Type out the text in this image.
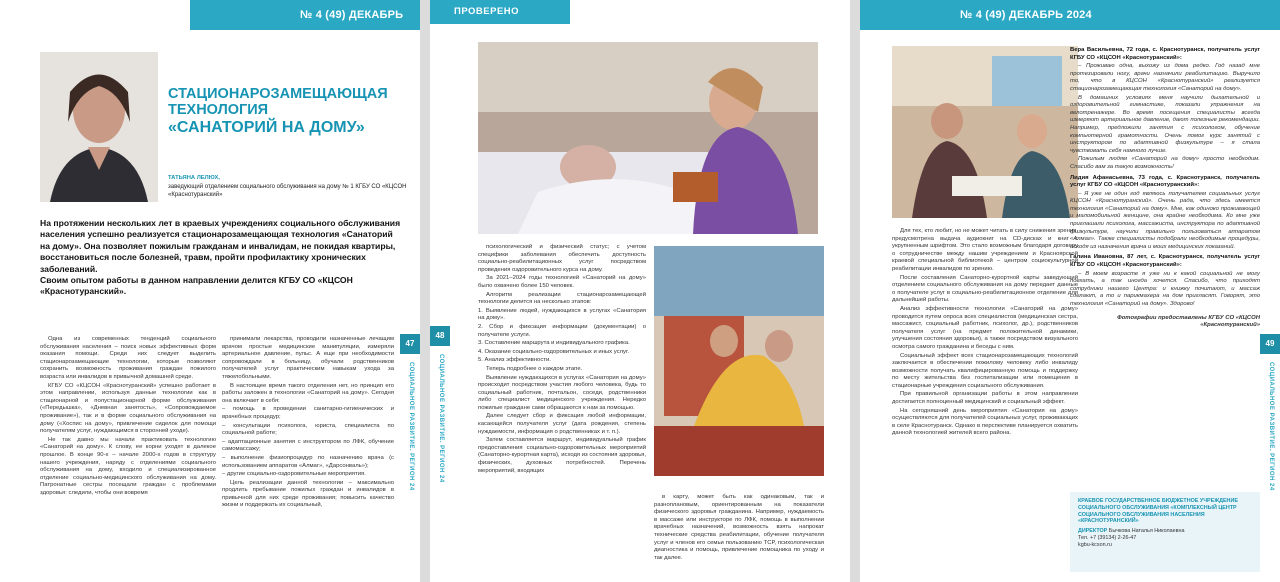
№ 4 (49) ДЕКАБРЬ 2024
СТАЦИОНАРОЗАМЕЩАЮЩАЯ
ТЕХНОЛОГИЯ
«САНАТОРИЙ НА ДОМУ»
ТАТЬЯНА ЛЕЛЮХ,
заведующий отделением социального обслуживания на дому № 1 КГБУ СО «КЦСОН «Краснотуранский»

На протяжении нескольких лет в краевых учреждениях социального обслуживания населения успешно реализуется стационарозамещающая технология «Санаторий на дому». Она позволяет пожилым гражданам и инвалидам, не покидая квартиры, восстановиться после болезней, травм, пройти профилактику хронических заболеваний.
Своим опытом работы в данном направлении делится КГБУ СО «КЦСОН «Краснотуранский».

Одна из современных тенденций социального обслуживания населения – поиск новых эффективных форм оказания помощи. Среди них следует выделить стационарозамещающие технологии, которые позволяют сохранить возможность проживания граждан пожилого возраста или инвалидов в привычной домашней среде.

КГБУ СО «КЦСОН «Краснотуранский» успешно работает в этом направлении, используя данные технологии как в стационарной и полустационарной форме обслуживания («Передышка», «Дневная занятость», «Сопровождаемое проживание»), так и в форме социального обслуживания на дому («Хоспис на дому», привлечение сиделок для помощи получателям услуг, нуждающимся в сторонней уходе).

Не так давно мы начали практиковать технологию «Санаторий на дому». К слову, ее корни уходят в далекое прошлое. В конце 90-х – начале 2000-х годов в структуру нашего учреждения, наряду с отделениями социального обслуживания на дому, входило и специализированное отделение социально-медицинского обслуживания на дому. Патронатные сестры посещали граждан с проблемами здоровья: следили, чтобы они вовремя

принимали лекарства, проводили назначенные лечащим врачом простые медицинские манипуляции, измеряли артериальное давление, пульс. А еще при необходимости сопровождали в больницу, обучали родственников получателей услуг практическим навыкам ухода за тяжелобольными.

В настоящее время такого отделения нет, но принцип его работы заложен в технологии «Санаторий на дому». Сегодня она включает в себя:

– помощь в проведении санитарно-гигиенических и врачебных процедур;

– консультации психолога, юриста, специалиста по социальной работе;

– адаптационные занятия с инструктором по ЛФК, обучение самомассажу;

– выполнение физиопроцедур по назначению врача (с использованием аппаратов «Алмаг», «Дарсонваль»);

– другие социально-оздоровительные мероприятия.

Цель реализации данной технологии – максимально продлить пребывание пожилых граждан и инвалидов в привычной для них среде проживания; повысить качество жизни и поддержать их социальный,

47
СОЦИАЛЬНОЕ РАЗВИТИЕ. РЕГИОН 24
ПРОВЕРЕНО ПРАКТИКОЙ

психологический и физический статус; с учетом специфики заболевания обеспечить доступность социально-реабилитационных услуг посредством проведения оздоровительного курса на дому.

За 2021–2024 годы технологией «Санаторий на дому» было охвачено более 150 человек.

Алгоритм реализации стационарозамещающей технологии делится на несколько этапов:

1. Выявление людей, нуждающихся в услугах «Санатория на дому».

2. Сбор и фиксация информации (документации) о получателе услуги.

3. Составление маршрута и индивидуального графика.

4. Оказание социально-оздоровительных и иных услуг.

5. Анализ эффективности.

Теперь подробнее о каждом этапе.

Выявление нуждающихся в услугах «Санатория на дому» происходит посредством участия любого человека, будь то социальный работник, почтальон, соседи, родственники либо специалист медицинского учреждения. Нередко пожилые граждане сами обращаются к нам за помощью.

Далее следует сбор и фиксация любой информации, касающейся получателя услуг (дата рождения, степень нуждаемости, информация о родственниках и т. п.).

Затем составляется маршрут, индивидуальный график предоставления социально-оздоровительных мероприятий (Санаторно-курортная карта), исходя из состояния здоровья, физических, духовных потребностей. Перечень мероприятий, входящих

в карту, может быть как одинаковым, так и разноплановым, ориентированным на показатели физического здоровья гражданина. Например, нуждаемость в массаже или инструкторе по ЛФК, помощь в выполнении врачебных назначений, возможность взять напрокат технические средства реабилитации, обучение получателя услуг и членов его семьи пользованию ТСР, психологическая диагностика и помощь, привлечение помощника по уходу и так далее.

48
СОЦИАЛЬНОЕ РАЗВИТИЕ. РЕГИОН 24
№ 4 (49) ДЕКАБРЬ 2024

Для тех, кто любит, но не может читать в силу снижения зрения, предусмотрена выдача аудиокниг на CD-дисках и книг с укрупненным шрифтом. Это стало возможным благодаря договору о сотрудничестве между нашим учреждением и Красноярской краевой специальной библиотекой – центром социокультурной реабилитации инвалидов по зрению.

После составления Санаторно-курортной карты заведующий отделением социального обслуживания на дому передает данные о получателе услуг в социально-реабилитационное отделение для дальнейшей работы.

Анализ эффективности технологии «Санаторий на дому» проводится путем опроса всех специалистов (медицинская сестра, массажист, социальный работник, психолог, др.), родственников получателя услуг (на предмет положительной динамики, улучшения состояния здоровья), а также посредством визуального осмотра самого гражданина и беседы с ним.

Социальный эффект всех стационарозамещающих технологий заключается в обеспечении пожилому человеку либо инвалиду возможности получать квалифицированную помощь и поддержку по месту жительства без госпитализации или помещения в стационарные учреждения социального обслуживания.

При правильной организации работы в этом направлении достигается полноценный медицинский и социальный эффект.

На сегодняшний день мероприятия «Санатория на дому» осуществляются для получателей социальных услуг, проживающих в селе Краснотуранск. Однако в перспективе планируется охватить данной технологией жителей всего района.

Вера Васильевна, 72 года, с. Краснотуранск, получатель услуг КГБУ СО «КЦСОН «Краснотуранский»:

– Проживаю одна, выхожу из дома редко. Год назад мне протезировали ногу, врачи назначили реабилитацию. Выручило то, что в КЦСОН «Краснотуранский» реализуется стационарозамещающая технология «Санаторий на дому».

В домашних условиях меня научили дыхательной и оздоровительной гимнастике, показали упражнения на велотренажере. Во время посещения специалисты всегда измеряют артериальное давление, дают полезные рекомендации. Например, предложили занятия с психологом, обучение компьютерной грамотности. Очень помог курс занятий с инструктором по адаптивной физкультуре – я стала чувствовать себя намного лучше.

Пожилым людям «Санаторий на дому» просто необходим. Спасибо вам за такую возможность!

Лидия Афанасьевна, 73 года, с. Краснотуранск, получатель услуг КГБУ СО «КЦСОН «Краснотуранский»:

– Я уже не один год являюсь получателем социальных услуг КЦСОН «Краснотуранский». Очень рада, что здесь имеется технология «Санаторий на дому». Мне, как одиноко проживающей и маломобильной женщине, она крайне необходима. Ко мне уже приглашали психолога, массажиста, инструктора по адаптивной физкультуре, научили правильно пользоваться аппаратом «Алмаг». Также специалисты подобрали необходимые процедуры, исходя из назначения врача и моих медицинских показаний.

Галина Ивановна, 87 лет, с. Краснотуранск, получатель услуг КГБУ СО «КЦСОН «Краснотуранский»:

– В моем возрасте я уже ни к какой социальной не могу поехать, а так иногда хочется. Спасибо, что приходят сотрудники нашего Центра: и книжку почитают, и массаж сделают, а то и парикмахера на дом пригласят. Говорят, это технология «Санаторий на дому». Здорово!

Фотографии предоставлены КГБУ СО «КЦСОН «Краснотуранский»

КРАЕВОЕ ГОСУДАРСТВЕННОЕ БЮДЖЕТНОЕ УЧРЕЖДЕНИЕ СОЦИАЛЬНОГО ОБСЛУЖИВАНИЯ «КОМПЛЕКСНЫЙ ЦЕНТР СОЦИАЛЬНОГО ОБСЛУЖИВАНИЯ НАСЕЛЕНИЯ «КРАСНОТУРАНСКИЙ»
ДИРЕКТОР Бычкова Наталья Николаевна
Тел. +7 (39134) 2-26-47
kgbu-kcson.ru
49
СОЦИАЛЬНОЕ РАЗВИТИЕ. РЕГИОН 24
